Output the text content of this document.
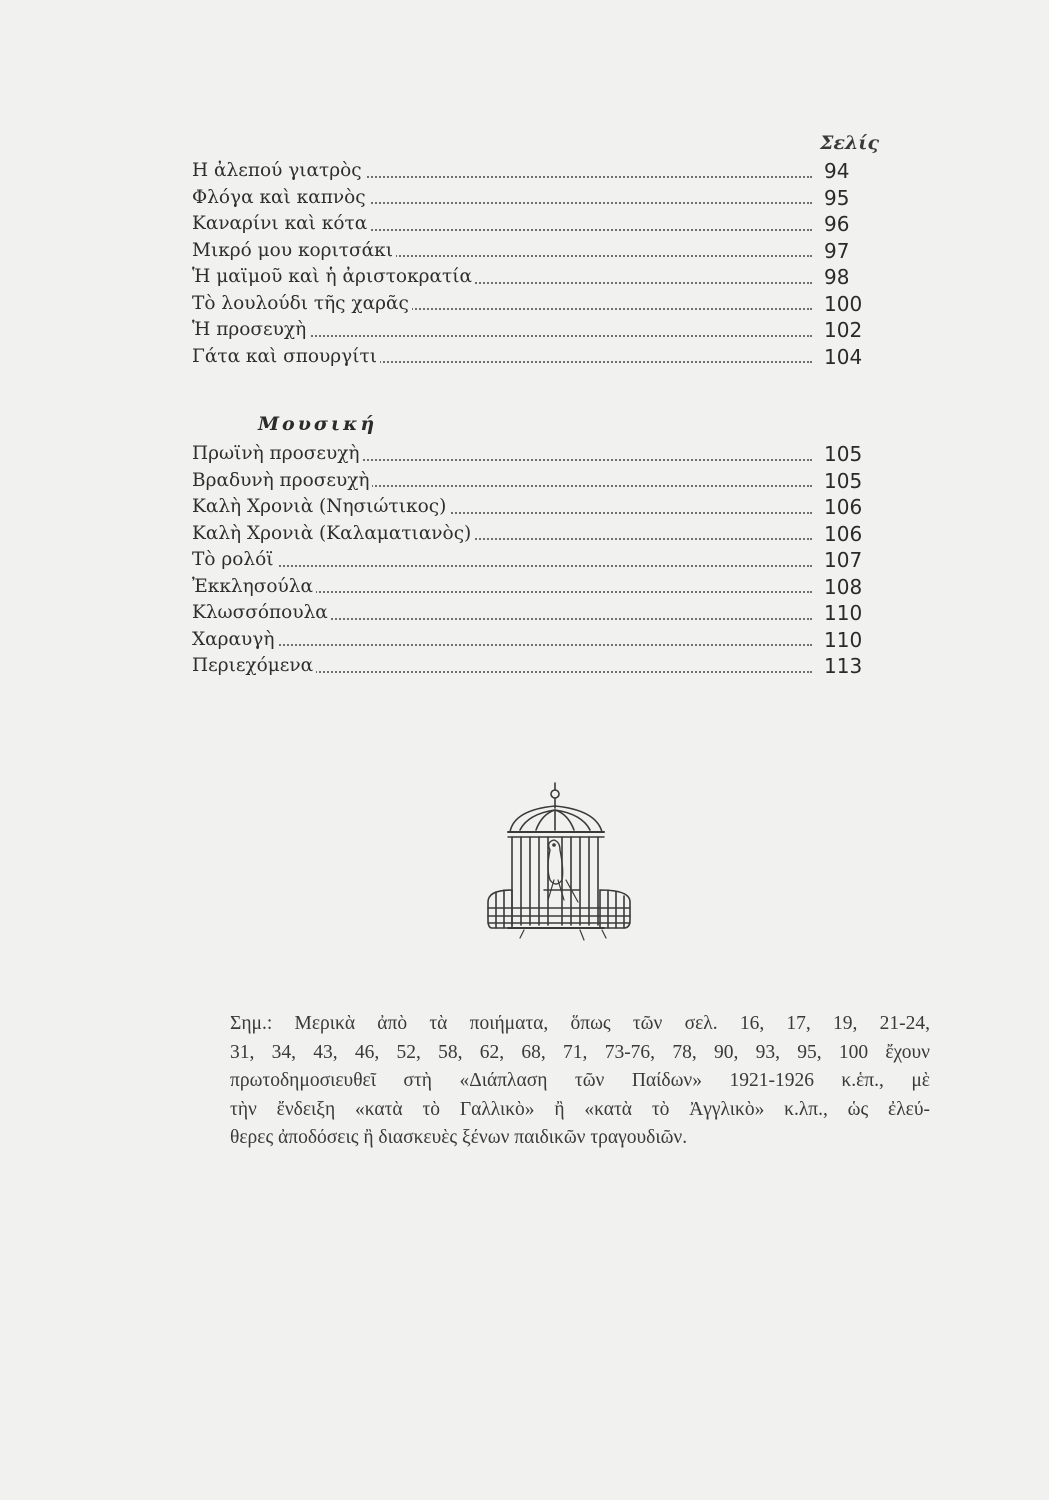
Σελίς
Η ἀλεπού γιατρὸς	94
Φλόγα καὶ καπνὸς	95
Καναρίνι καὶ κότα	96
Μικρό μου κοριτσάκι	97
Ἡ μαϊμοῦ καὶ ἡ ἀριστοκρατία	98
Τὸ λουλούδι τῆς χαρᾶς	100
Ἡ προσευχὴ	102
Γάτα καὶ σπουργίτι	104
Μουσική
Πρωϊνὴ προσευχὴ	105
Βραδυνὴ προσευχὴ	105
Καλὴ Χρονιὰ (Νησιώτικος)	106
Καλὴ Χρονιὰ (Καλαματιανὸς)	106
Τὸ ρολόϊ	107
Ἐκκλησούλα	108
Κλωσσόπουλα	110
Χαραυγὴ	110
Περιεχόμενα	113
Σημ.: Μερικὰ ἀπὸ τὰ ποιήματα, ὅπως τῶν σελ. 16, 17, 19, 21-24,
31, 34, 43, 46, 52, 58, 62, 68, 71, 73-76, 78, 90, 93, 95, 100 ἔχουν
πρωτοδημοσιευθεῖ στὴ «Διάπλαση τῶν Παίδων» 1921-1926 κ.ἑπ., μὲ
τὴν ἔνδειξη «κατὰ τὸ Γαλλικὸ» ἢ «κατὰ τὸ Ἀγγλικὸ» κ.λπ., ὡς ἐλεύ-
θερες ἀποδόσεις ἢ διασκευὲς ξένων παιδικῶν τραγουδιῶν.
